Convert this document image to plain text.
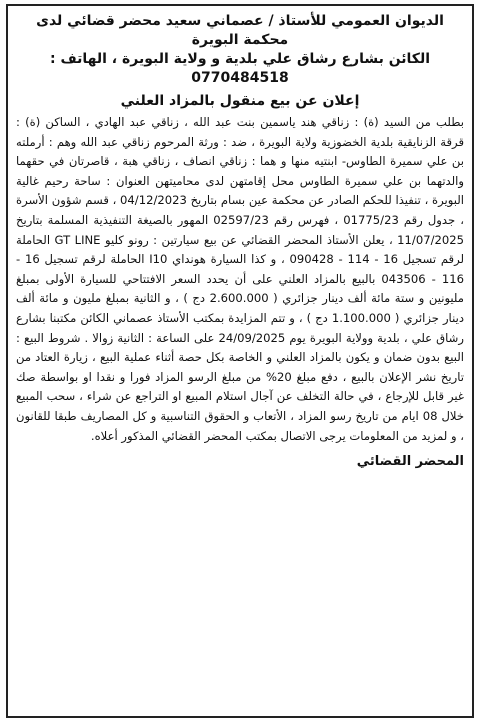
الديوان العمومي للأستاذ / عصماني سعيد محضر قضائي لدى
محكمة البويرة
الكائن بشارع رشاق علي بلدية و ولاية البويرة ، الهاتف :
0770484518
إعلان عن بيع منقول بالمزاد العلني

بطلب من السيد (ة) : زناقي هند ياسمين بنت عبد الله ، زناقي عبد الهادي ، الساكن (ة) : قرقة الزنايقية بلدية الخضوزية ولاية البويرة ، ضد : ورثة المرحوم زناقي عبد الله وهم : أرملته بن علي سميرة الطاوس- ابنتيه منها و هما : زناقي انصاف ، زناقي هبة ، قاصرتان في حقهما والدتهما بن علي سميرة الطاوس محل إقامتهن لدى محاميتهن العنوان : ساحة رحيم غالية البويرة ، تنفيذا للحكم الصادر عن محكمة عين بسام بتاريخ 04/12/2023 ، قسم شؤون الأسرة ، جدول رقم 01775/23 ، فهرس رقم 02597/23 المهور بالصيغة التنفيذية المسلمة بتاريخ 11/07/2025 ، يعلن الأستاذ المحضر القضائي عن بيع سيارتين : رونو كليو GT LINE الحاملة لرقم تسجيل 16 - 114 - 090428 ، و كذا السيارة هونداي I10 الحاملة لرقم تسجيل 16 - 116 - 043506 بالبيع بالمزاد العلني على أن يحدد السعر الافتتاحي للسيارة الأولى بمبلغ مليونين و ستة مائة ألف دينار جزائري ( 2.600.000 دج ) ، و الثانية بمبلغ مليون و مائة ألف دينار جزائري ( 1.100.000 دج ) ، و تتم المزايدة بمكتب الأستاذ عصماني الكائن مكتبنا بشارع رشاق علي ، بلدية وولاية البويرة يوم 24/09/2025 على الساعة : الثانية زوالا . شروط البيع : البيع بدون ضمان و يكون بالمزاد العلني و الخاصة بكل حصة أثناء عملية البيع ، زيارة العتاد من تاريخ نشر الإعلان بالبيع ، دفع مبلغ 20% من مبلغ الرسو المزاد فورا و نقدا او بواسطة صك غير قابل للإرجاع ، في حالة التخلف عن آجال استلام المبيع او التراجع عن شراء ، سحب المبيع خلال 08 ايام من تاريخ رسو المزاد ، الأتعاب و الحقوق التناسبية و كل المصاريف طبقا للقانون ، و لمزيد من المعلومات يرجى الاتصال بمكتب المحضر القضائي المذكور أعلاه.

المحضر القضائي
